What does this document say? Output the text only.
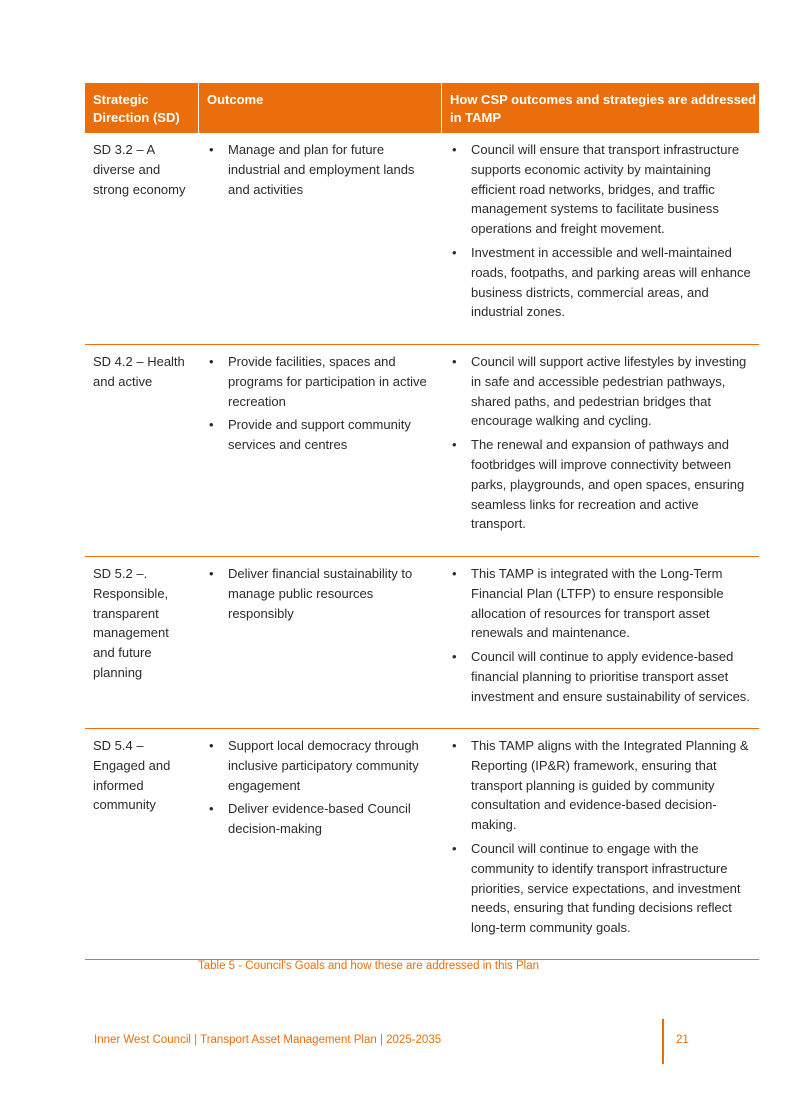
Strategic Direction (SD)
Outcome	How CSP outcomes and strategies are addressed in TAMP
SD 3.2 – A diverse and strong economy
• Manage and plan for future industrial and employment lands and activities
• Council will ensure that transport infrastructure supports economic activity by maintaining efficient road networks, bridges, and traffic management systems to facilitate business operations and freight movement.
• Investment in accessible and well-maintained roads, footpaths, and parking areas will enhance business districts, commercial areas, and industrial zones.
SD 4.2 – Health and active
• Provide facilities, spaces and programs for participation in active recreation
• Provide and support community services and centres
• Council will support active lifestyles by investing in safe and accessible pedestrian pathways, shared paths, and pedestrian bridges that encourage walking and cycling.
• The renewal and expansion of pathways and footbridges will improve connectivity between parks, playgrounds, and open spaces, ensuring seamless links for recreation and active transport.
SD 5.2 –. Responsible, transparent management and future planning
• Deliver financial sustainability to manage public resources responsibly
• This TAMP is integrated with the Long-Term Financial Plan (LTFP) to ensure responsible allocation of resources for transport asset renewals and maintenance.
• Council will continue to apply evidence-based financial planning to prioritise transport asset investment and ensure sustainability of services.
SD 5.4 – Engaged and informed community
• Support local democracy through inclusive participatory community engagement
• Deliver evidence-based Council decision-making
• This TAMP aligns with the Integrated Planning & Reporting (IP&R) framework, ensuring that transport planning is guided by community consultation and evidence-based decision-making.
• Council will continue to engage with the community to identify transport infrastructure priorities, service expectations, and investment needs, ensuring that funding decisions reflect long-term community goals.
Table 5 - Council's Goals and how these are addressed in this Plan
Inner West Council | Transport Asset Management Plan | 2025-2035	21
